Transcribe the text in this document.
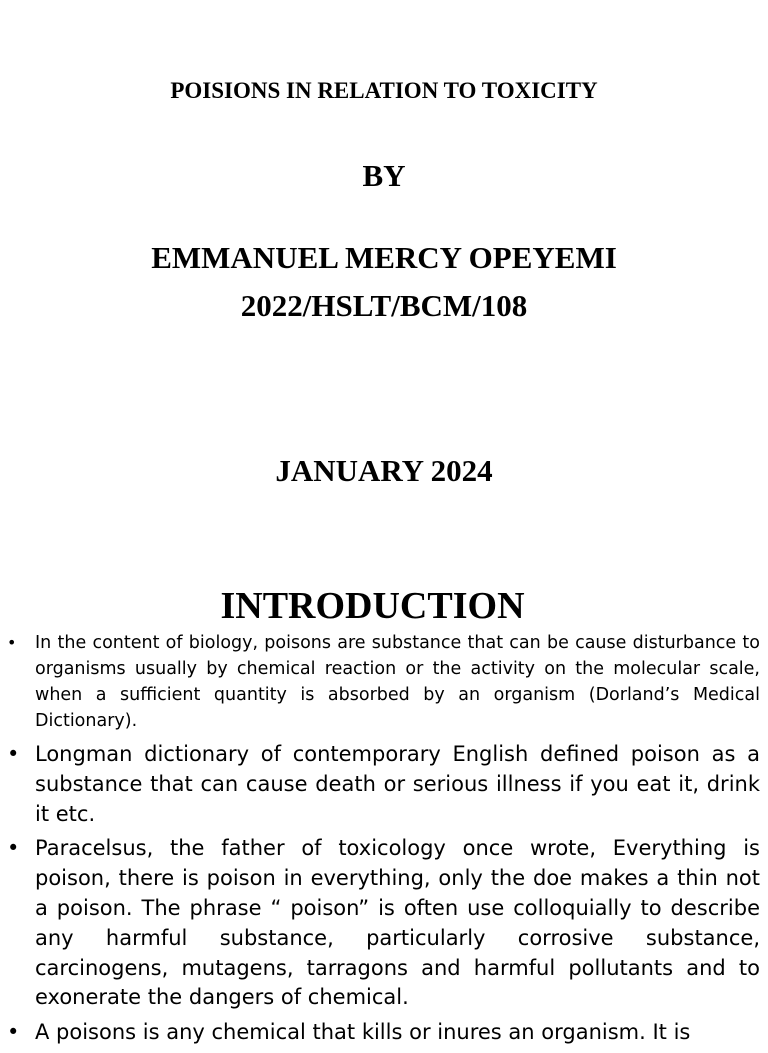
POISIONS IN RELATION TO TOXICITY
BY
EMMANUEL MERCY OPEYEMI
2022/HSLT/BCM/108
JANUARY 2024
INTRODUCTION
• In the content of biology, poisons are substance that can be cause disturbance to organisms usually by chemical reaction or the activity on the molecular scale, when a sufficient quantity is absorbed by an organism (Dorland’s Medical Dictionary).
• Longman dictionary of contemporary English defined poison as a substance that can cause death or serious illness if you eat it, drink it etc.
• Paracelsus, the father of toxicology once wrote, Everything is poison, there is poison in everything, only the doe makes a thin not a poison. The phrase “ poison” is often use colloquially to describe any harmful substance, particularly corrosive substance, carcinogens, mutagens, tarragons and harmful pollutants and to exonerate the dangers of chemical.
• A poisons is any chemical that kills or inures an organism. It is
